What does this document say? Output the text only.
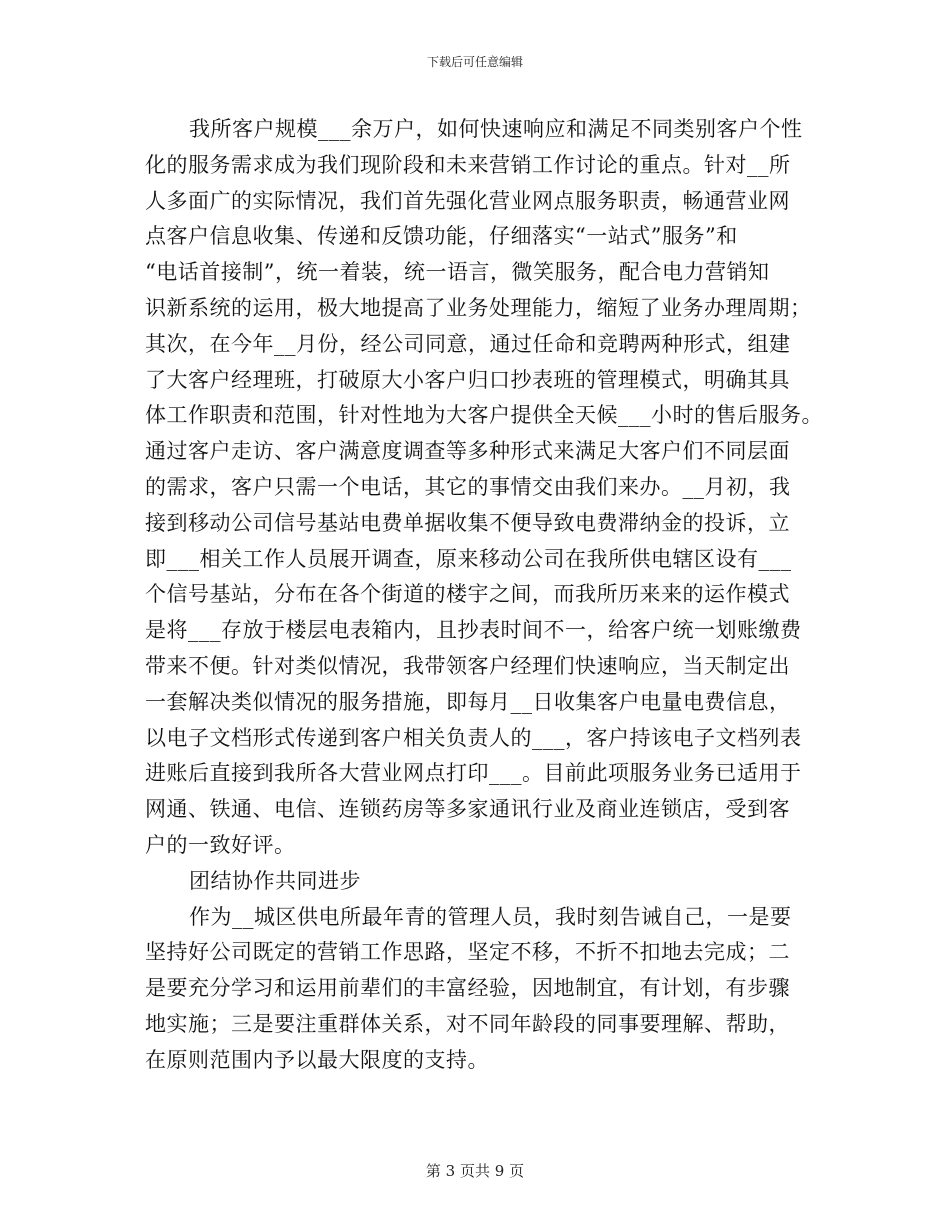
下载后可任意编辑
我所客户规模___余万户，如何快速响应和满足不同类别客户个性
化的服务需求成为我们现阶段和未来营销工作讨论的重点。针对__所
人多面广的实际情况，我们首先强化营业网点服务职责，畅通营业网
点客户信息收集、传递和反馈功能，仔细落实“一站式”服务”和
“电话首接制”，统一着装，统一语言，微笑服务，配合电力营销知
识新系统的运用，极大地提高了业务处理能力，缩短了业务办理周期；
其次，在今年__月份，经公司同意，通过任命和竞聘两种形式，组建
了大客户经理班，打破原大小客户归口抄表班的管理模式，明确其具
体工作职责和范围，针对性地为大客户提供全天候___小时的售后服务。
通过客户走访、客户满意度调查等多种形式来满足大客户们不同层面
的需求，客户只需一个电话，其它的事情交由我们来办。__月初，我
接到移动公司信号基站电费单据收集不便导致电费滞纳金的投诉，立
即___相关工作人员展开调查，原来移动公司在我所供电辖区设有___
个信号基站，分布在各个街道的楼宇之间，而我所历来来的运作模式
是将___存放于楼层电表箱内，且抄表时间不一，给客户统一划账缴费
带来不便。针对类似情况，我带领客户经理们快速响应，当天制定出
一套解决类似情况的服务措施，即每月__日收集客户电量电费信息，
以电子文档形式传递到客户相关负责人的___，客户持该电子文档列表
进账后直接到我所各大营业网点打印___。目前此项服务业务已适用于
网通、铁通、电信、连锁药房等多家通讯行业及商业连锁店，受到客
户的一致好评。
团结协作共同进步
作为__城区供电所最年青的管理人员，我时刻告诫自己，一是要
坚持好公司既定的营销工作思路，坚定不移，不折不扣地去完成；二
是要充分学习和运用前辈们的丰富经验，因地制宜，有计划，有步骤
地实施；三是要注重群体关系，对不同年龄段的同事要理解、帮助，
在原则范围内予以最大限度的支持。
第 3 页共 9 页
